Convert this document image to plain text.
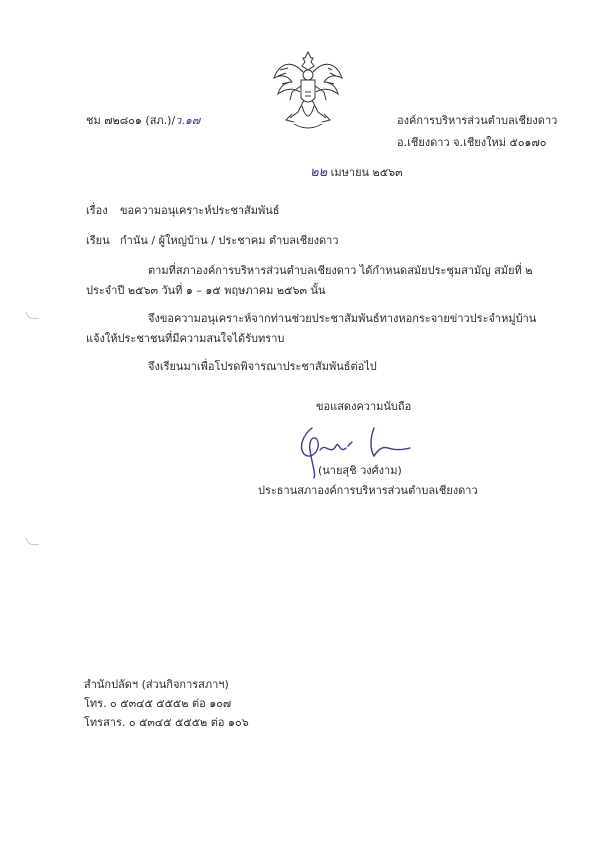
ชม ๗๒๘๐๑ (สภ.)/ว.๑๗	องค์การบริหารส่วนตำบลเชียงดาว
อ.เชียงดาว จ.เชียงใหม่ ๕๐๑๗๐
๒๒ เมษายน ๒๕๖๓
เรื่อง ขอความอนุเคราะห์ประชาสัมพันธ์
เรียน กำนัน / ผู้ใหญ่บ้าน / ประชาคม ตำบลเชียงดาว
ตามที่สภาองค์การบริหารส่วนตำบลเชียงดาว ได้กำหนดสมัยประชุมสามัญ สมัยที่ ๒
ประจำปี ๒๕๖๓ วันที่ ๑ – ๑๕ พฤษภาคม ๒๕๖๓ นั้น
จึงขอความอนุเคราะห์จากท่านช่วยประชาสัมพันธ์ทางหอกระจายข่าวประจำหมู่บ้าน
แจ้งให้ประชาชนที่มีความสนใจได้รับทราบ
จึงเรียนมาเพื่อโปรดพิจารณาประชาสัมพันธ์ต่อไป
ขอแสดงความนับถือ
(นายสุชิ วงศ์งาม)
ประธานสภาองค์การบริหารส่วนตำบลเชียงดาว
สำนักปลัดฯ (ส่วนกิจการสภาฯ)
โทร. ๐ ๕๓๔๕ ๕๕๕๒ ต่อ ๑๐๗
โทรสาร. ๐ ๕๓๔๕ ๕๕๕๒ ต่อ ๑๐๖
